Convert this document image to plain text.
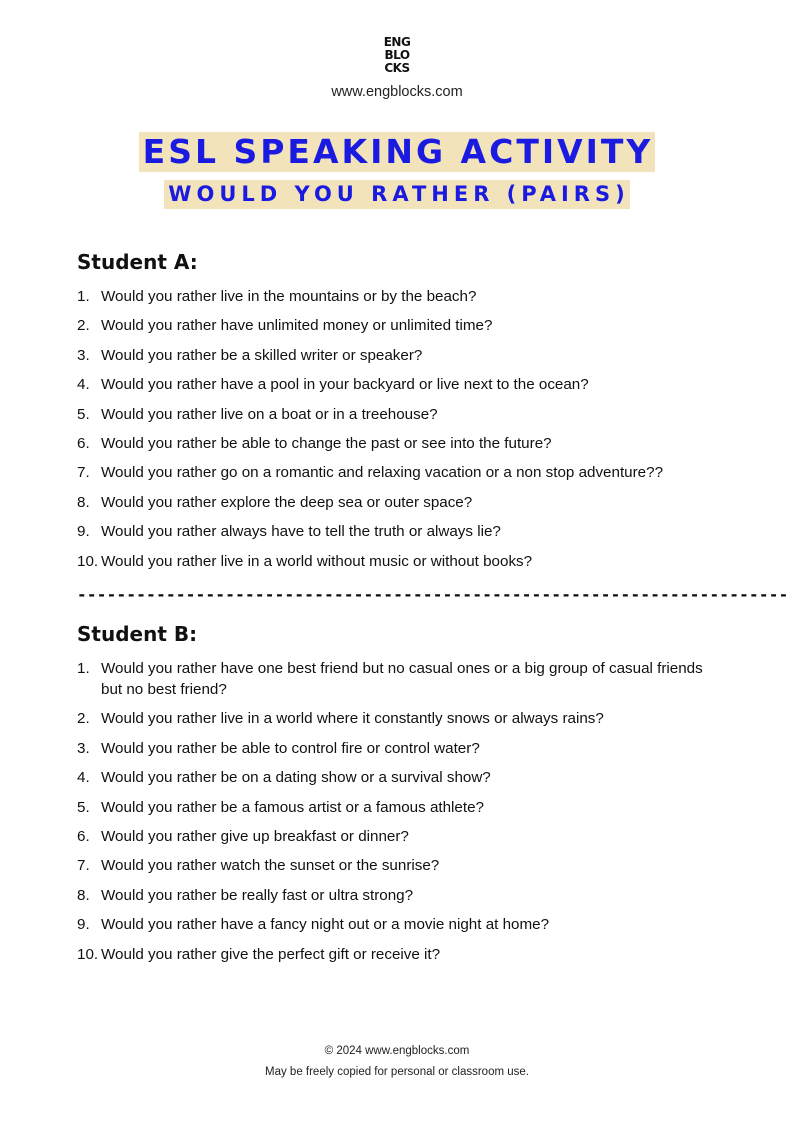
ENG
BLO
CKS
www.engblocks.com
ESL SPEAKING ACTIVITY
WOULD YOU RATHER (PAIRS)
Student A:
1. Would you rather live in the mountains or by the beach?
2. Would you rather have unlimited money or unlimited time?
3. Would you rather be a skilled writer or speaker?
4. Would you rather have a pool in your backyard or live next to the ocean?
5. Would you rather live on a boat or in a treehouse?
6. Would you rather be able to change the past or see into the future?
7. Would you rather go on a romantic and relaxing vacation or a non stop adventure??
8. Would you rather explore the deep sea or outer space?
9. Would you rather always have to tell the truth or always lie?
10. Would you rather live in a world without music or without books?
------------------------------------------------------------------------
Student B:
1. Would you rather have one best friend but no casual ones or a big group of casual friends but no best friend?
2. Would you rather live in a world where it constantly snows or always rains?
3. Would you rather be able to control fire or control water?
4. Would you rather be on a dating show or a survival show?
5. Would you rather be a famous artist or a famous athlete?
6. Would you rather give up breakfast or dinner?
7. Would you rather watch the sunset or the sunrise?
8. Would you rather be really fast or ultra strong?
9. Would you rather have a fancy night out or a movie night at home?
10. Would you rather give the perfect gift or receive it?
© 2024 www.engblocks.com
May be freely copied for personal or classroom use.
